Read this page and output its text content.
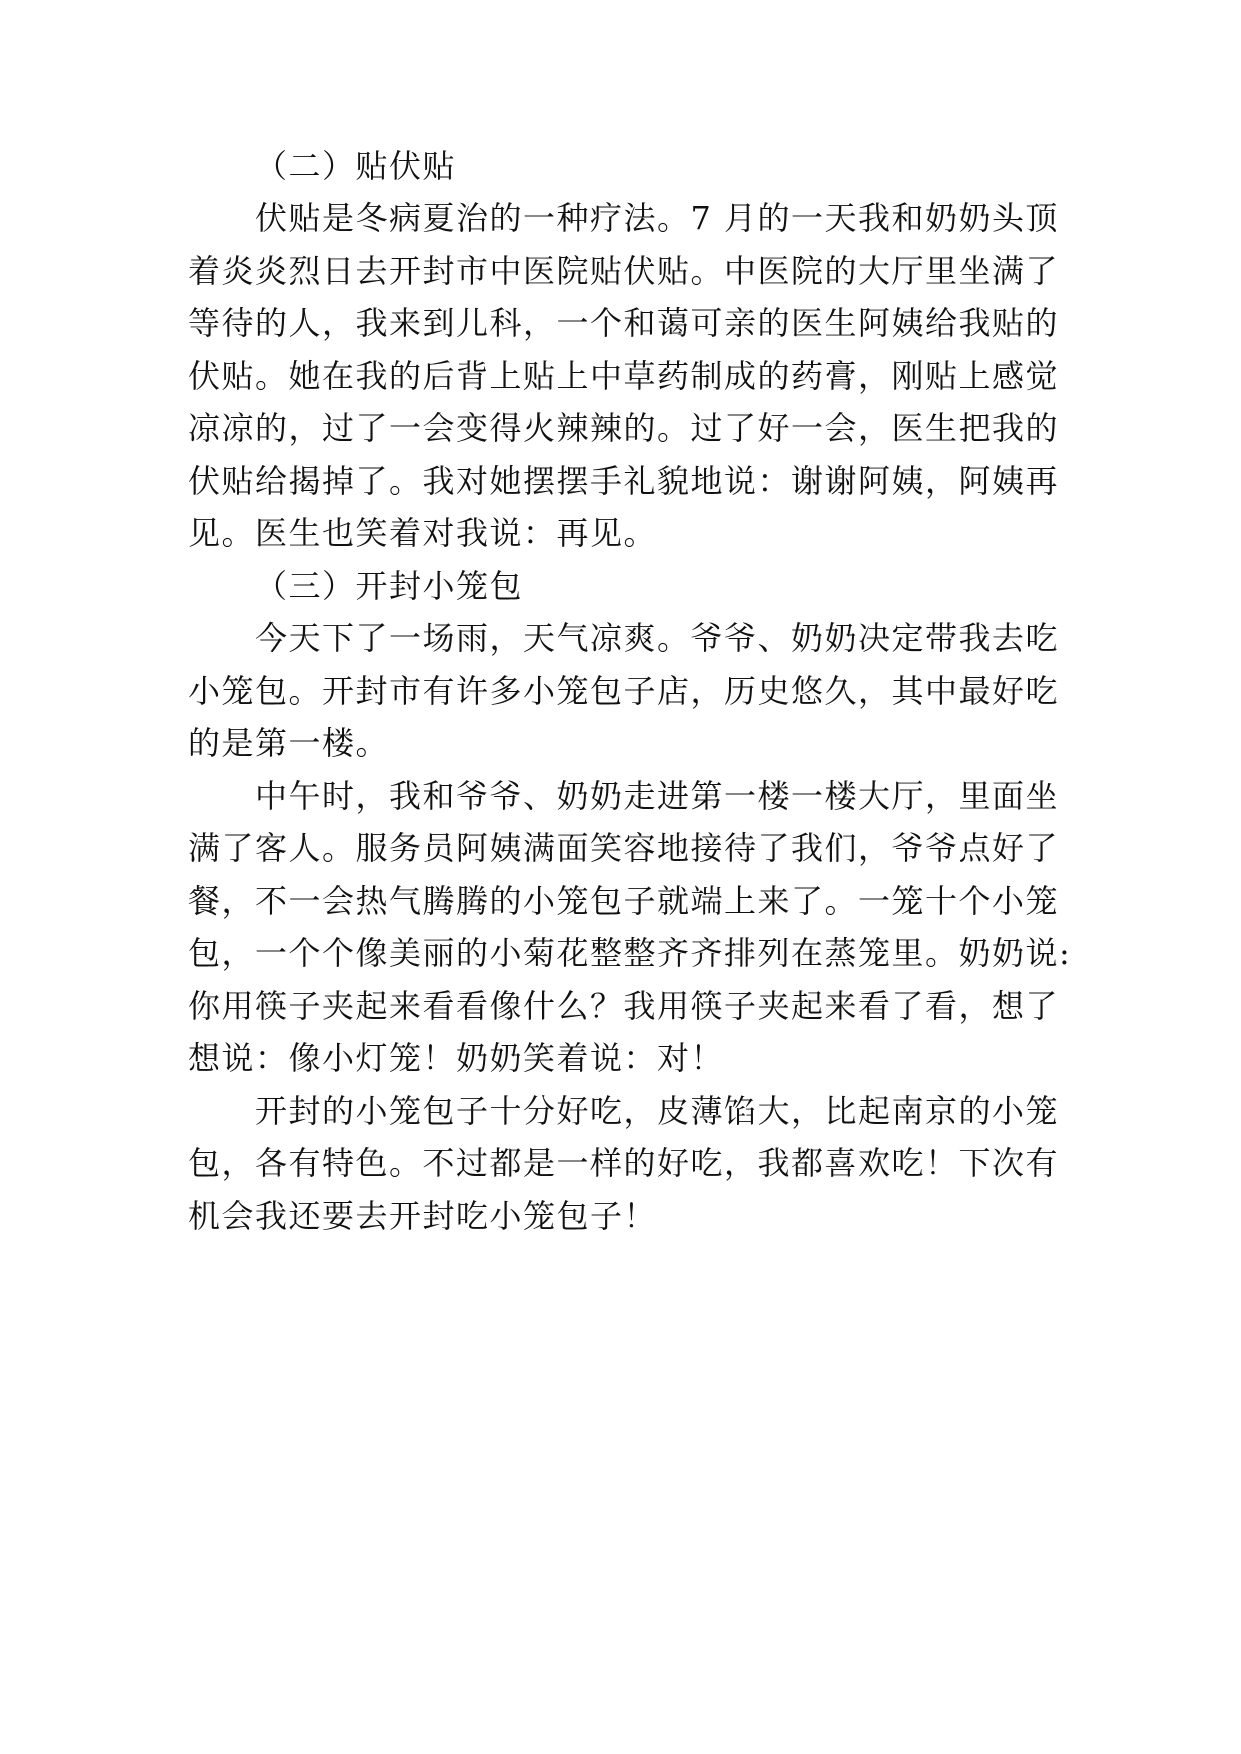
（二）贴伏贴
伏贴是冬病夏治的一种疗法。7 月的一天我和奶奶头顶
着炎炎烈日去开封市中医院贴伏贴。中医院的大厅里坐满了
等待的人，我来到儿科，一个和蔼可亲的医生阿姨给我贴的
伏贴。她在我的后背上贴上中草药制成的药膏，刚贴上感觉
凉凉的，过了一会变得火辣辣的。过了好一会，医生把我的
伏贴给揭掉了。我对她摆摆手礼貌地说：谢谢阿姨，阿姨再
见。医生也笑着对我说：再见。
（三）开封小笼包
今天下了一场雨，天气凉爽。爷爷、奶奶决定带我去吃
小笼包。开封市有许多小笼包子店，历史悠久，其中最好吃
的是第一楼。
中午时，我和爷爷、奶奶走进第一楼一楼大厅，里面坐
满了客人。服务员阿姨满面笑容地接待了我们，爷爷点好了
餐，不一会热气腾腾的小笼包子就端上来了。一笼十个小笼
包，一个个像美丽的小菊花整整齐齐排列在蒸笼里。奶奶说:
你用筷子夹起来看看像什么？我用筷子夹起来看了看，想了
想说：像小灯笼！奶奶笑着说：对！
开封的小笼包子十分好吃，皮薄馅大，比起南京的小笼
包，各有特色。不过都是一样的好吃，我都喜欢吃！下次有
机会我还要去开封吃小笼包子！
